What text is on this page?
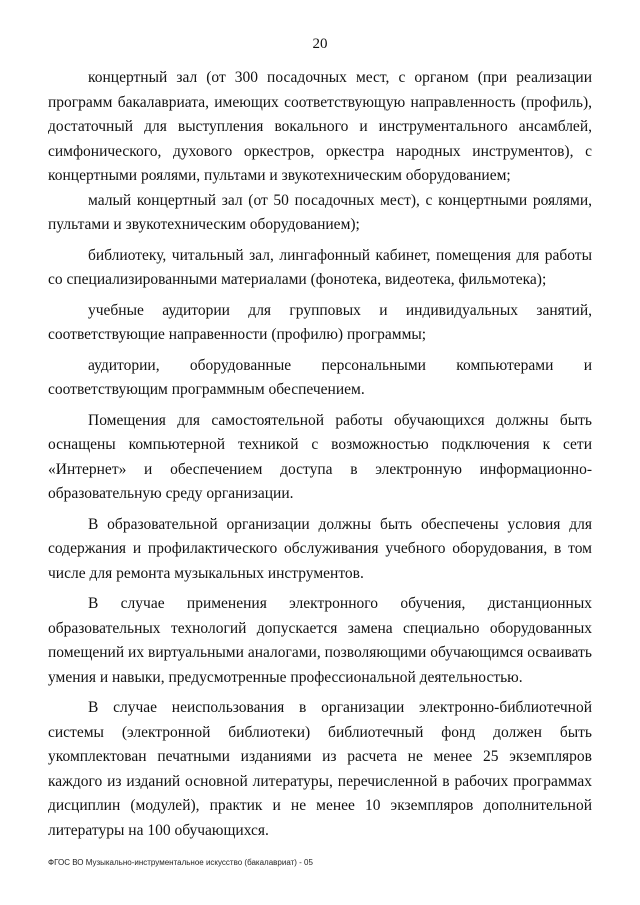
20

концертный зал (от 300 посадочных мест, с органом (при реализации программ бакалавриата, имеющих соответствующую направленность (профиль), достаточный для выступления вокального и инструментального ансамблей, симфонического, духового оркестров, оркестра народных инструментов), с концертными роялями, пультами и звукотехническим оборудованием;

малый концертный зал (от 50 посадочных мест), с концертными роялями, пультами и звукотехническим оборудованием);

библиотеку, читальный зал, лингафонный кабинет, помещения для работы со специализированными материалами (фонотека, видеотека, фильмотека);

учебные аудитории для групповых и индивидуальных занятий, соответствующие направенности (профилю) программы;

аудитории, оборудованные персональными компьютерами и соответствующим программным обеспечением.

Помещения для самостоятельной работы обучающихся должны быть оснащены компьютерной техникой с возможностью подключения к сети «Интернет» и обеспечением доступа в электронную информационно-образовательную среду организации.

В образовательной организации должны быть обеспечены условия для содержания и профилактического обслуживания учебного оборудования, в том числе для ремонта музыкальных инструментов.

В случае применения электронного обучения, дистанционных образовательных технологий допускается замена специально оборудованных помещений их виртуальными аналогами, позволяющими обучающимся осваивать умения и навыки, предусмотренные профессиональной деятельностью.

В случае неиспользования в организации электронно-библиотечной системы (электронной библиотеки) библиотечный фонд должен быть укомплектован печатными изданиями из расчета не менее 25 экземпляров каждого из изданий основной литературы, перечисленной в рабочих программах дисциплин (модулей), практик и не менее 10 экземпляров дополнительной литературы на 100 обучающихся.

ФГОС ВО Музыкально-инструментальное искусство (бакалавриат) - 05
